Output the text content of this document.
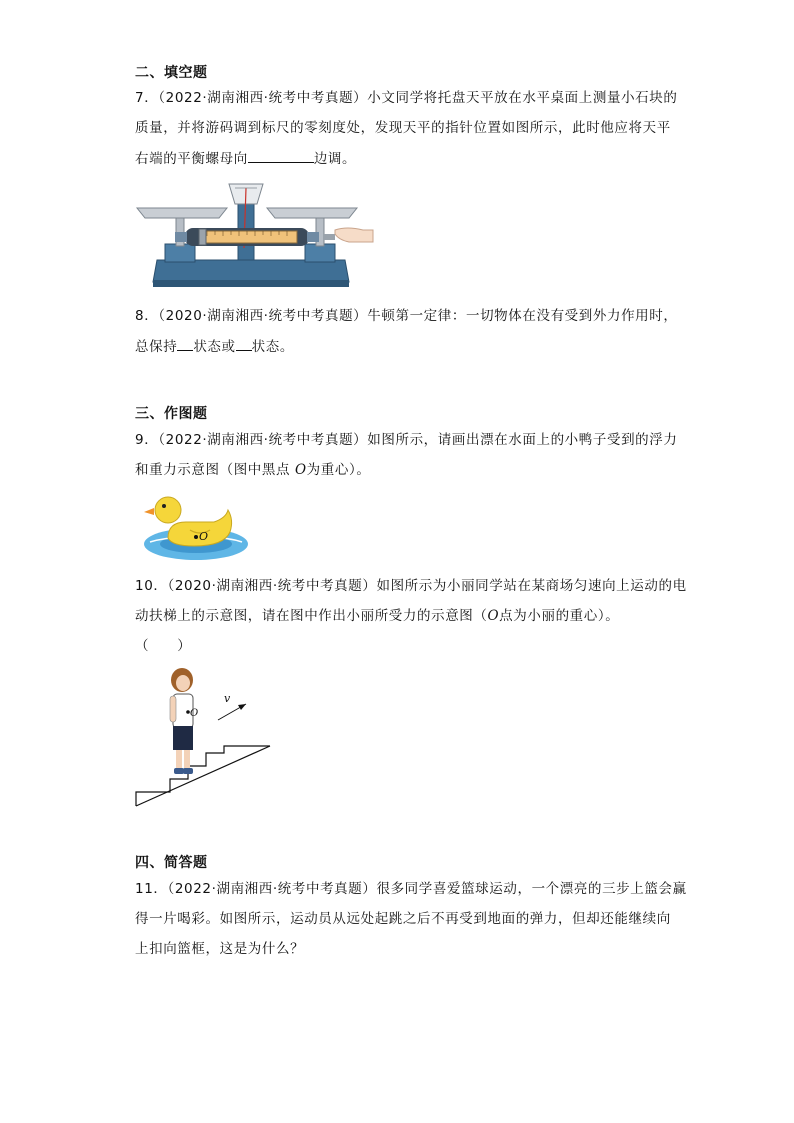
二、填空题
7．（2022·湖南湘西·统考中考真题）小文同学将托盘天平放在水平桌面上测量小石块的
质量，并将游码调到标尺的零刻度处，发现天平的指针位置如图所示，此时他应将天平
右端的平衡螺母向	边调。
8．（2020·湖南湘西·统考中考真题）牛顿第一定律：一切物体在没有受到外力作用时，
总保持 状态或 状态。
三、作图题
9．（2022·湖南湘西·统考中考真题）如图所示，请画出漂在水面上的小鸭子受到的浮力
和重力示意图（图中黑点 O为重心）。
O
10．（2020·湖南湘西·统考中考真题）如图所示为小丽同学站在某商场匀速向上运动的电
动扶梯上的示意图，请在图中作出小丽所受力的示意图（O点为小丽的重心）。
（　　）
v
O
四、简答题
11．（2022·湖南湘西·统考中考真题）很多同学喜爱篮球运动，一个漂亮的三步上篮会赢
得一片喝彩。如图所示，运动员从远处起跳之后不再受到地面的弹力，但却还能继续向
上扣向篮框，这是为什么？
